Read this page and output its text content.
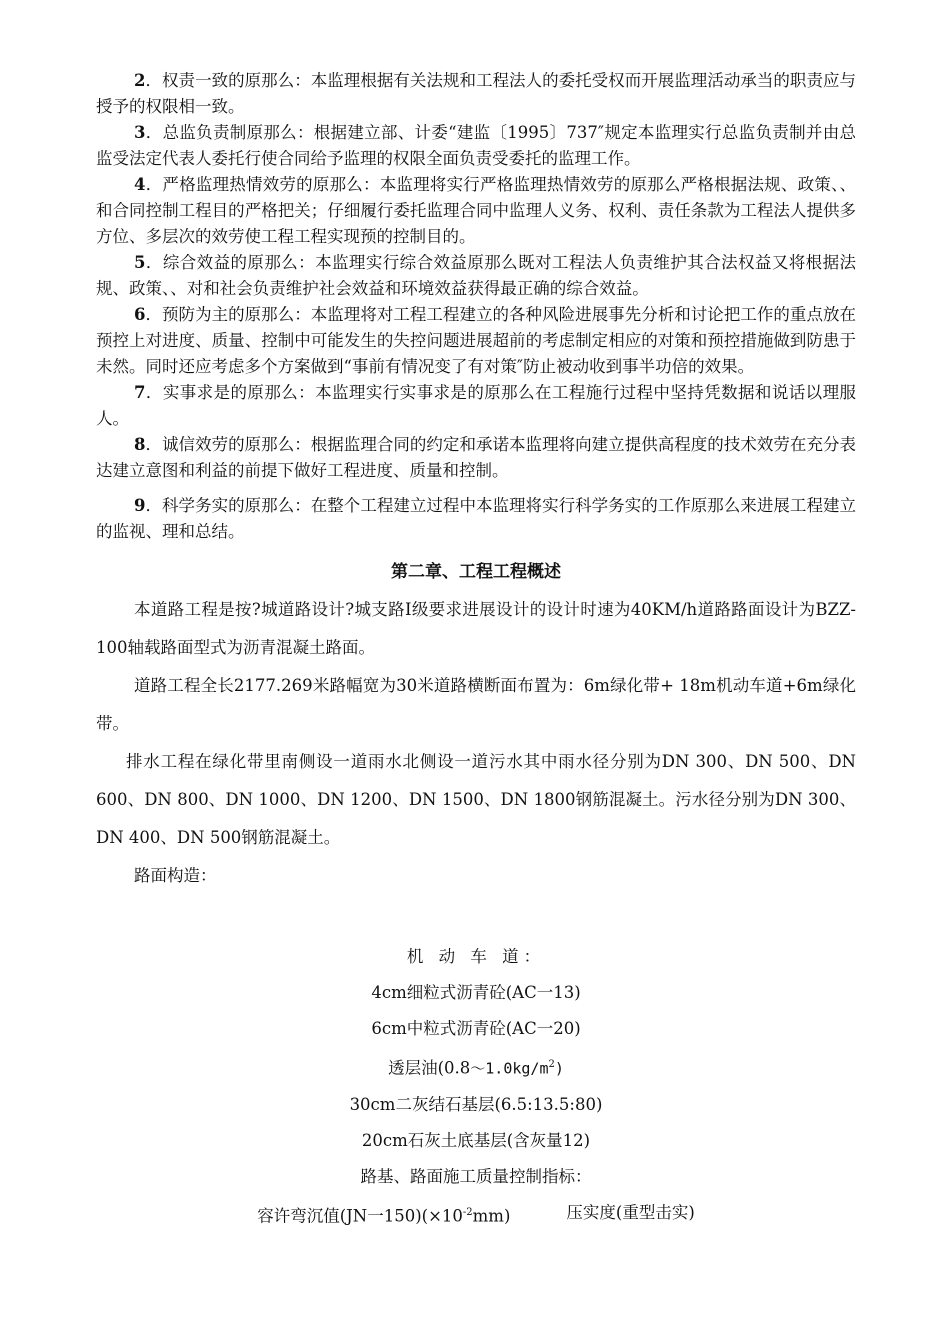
2．权责一致的原那么：本监理根据有关法规和工程法人的委托受权而开展监理活动承当的职责应与授予的权限相一致。

3．总监负责制原那么：根据建立部、计委“建监〔1995〕737″规定本监理实行总监负责制并由总监受法定代表人委托行使合同给予监理的权限全面负责受委托的监理工作。

4．严格监理热情效劳的原那么：本监理将实行严格监理热情效劳的原那么严格根据法规、政策、、和合同控制工程目的严格把关；仔细履行委托监理合同中监理人义务、权利、责任条款为工程法人提供多方位、多层次的效劳使工程工程实现预的控制目的。

5．综合效益的原那么：本监理实行综合效益原那么既对工程法人负责维护其合法权益又将根据法规、政策、、对和社会负责维护社会效益和环境效益获得最正确的综合效益。

6．预防为主的原那么：本监理将对工程工程建立的各种风险进展事先分析和讨论把工作的重点放在预控上对进度、质量、控制中可能发生的失控问题进展超前的考虑制定相应的对策和预控措施做到防患于未然。同时还应考虑多个方案做到“事前有情况变了有对策″防止被动收到事半功倍的效果。

7．实事求是的原那么：本监理实行实事求是的原那么在工程施行过程中坚持凭数据和说话以理服人。

8．诚信效劳的原那么：根据监理合同的约定和承诺本监理将向建立提供高程度的技术效劳在充分表达建立意图和利益的前提下做好工程进度、质量和控制。

9．科学务实的原那么：在整个工程建立过程中本监理将实行科学务实的工作原那么来进展工程建立的监视、理和总结。

第二章、工程工程概述

本道路工程是按?城道路设计?城支路Ⅰ级要求进展设计的设计时速为40KM/h道路路面设计为BZZ-100轴载路面型式为沥青混凝土路面。

道路工程全长2177.269米路幅宽为30米道路横断面布置为：6m绿化带+ 18m机动车道+6m绿化带。

排水工程在绿化带里南侧设一道雨水北侧设一道污水其中雨水径分别为DN 300、DN 500、DN 600、DN 800、DN 1000、DN 1200、DN 1500、DN 1800钢筋混凝土。污水径分别为DN 300、DN 400、DN 500钢筋混凝土。

路面构造：

机 动 车 道：
4cm细粒式沥青砼(AC一13)
6cm中粒式沥青砼(AC一20)
透层油$(0.8\sim 1.0kg/m^2)$
30cm二灰结石基层(6.5:13.5:80)
20cm石灰土底基层(含灰量12)
路基、路面施工质量控制指标：
容许弯沉值(JN一$150)(\times 10^{-2}mm)$	压实度(重型击实)
